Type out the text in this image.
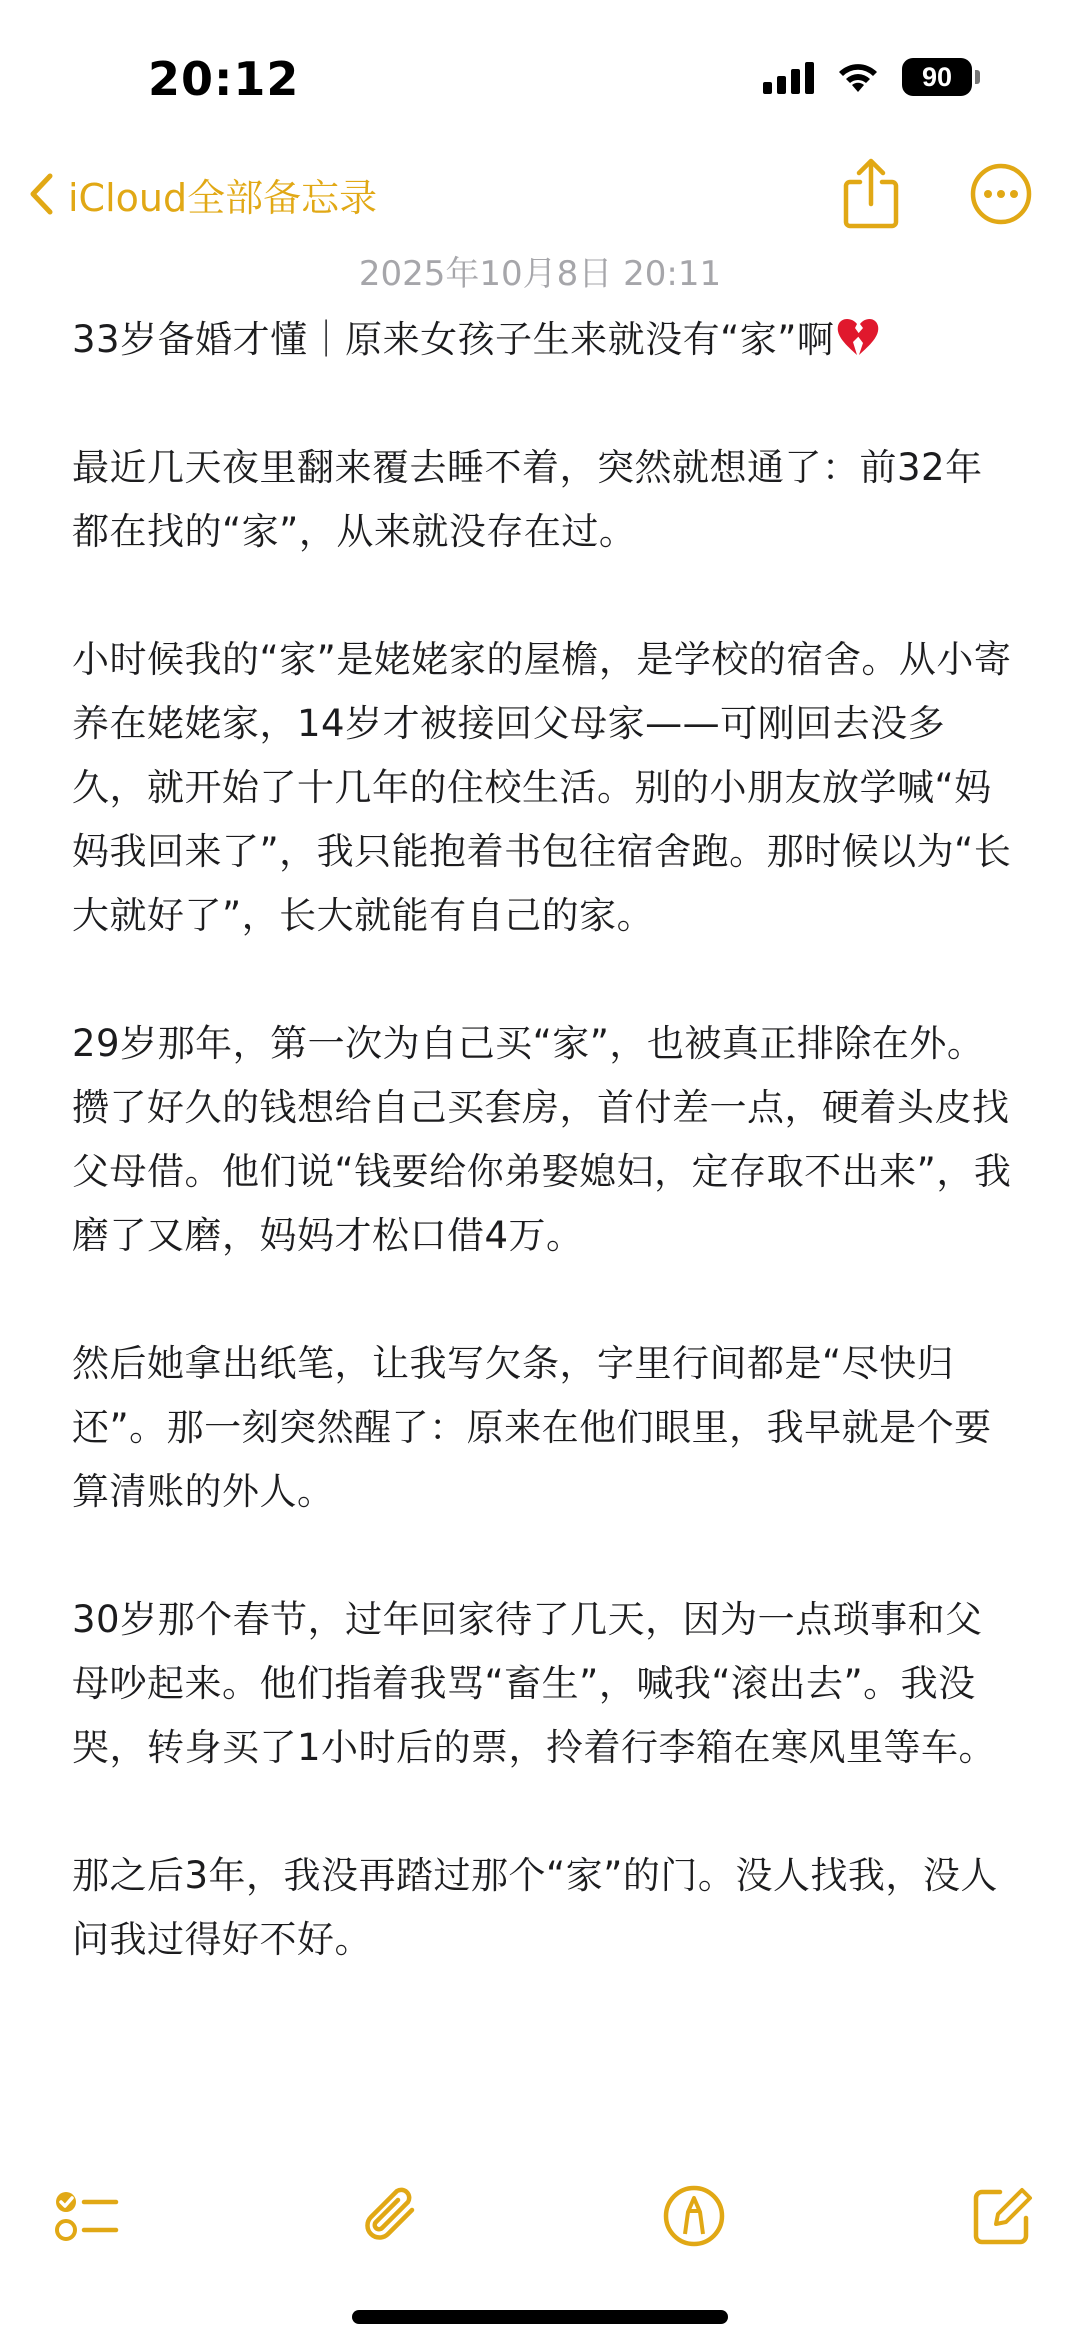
20:12	90
iCloud全部备忘录
2025年10月8日 20:11
33岁备婚才懂｜原来女孩子生来就没有“家”啊

最近几天夜里翻来覆去睡不着，突然就想通了：前32年都在找的“家”，从来就没存在过。

小时候我的“家”是姥姥家的屋檐，是学校的宿舍。从小寄养在姥姥家，14岁才被接回父母家——可刚回去没多久，就开始了十几年的住校生活。别的小朋友放学喊“妈妈我回来了”，我只能抱着书包往宿舍跑。那时候以为“长大就好了”，长大就能有自己的家。

29岁那年，第一次为自己买“家”，也被真正排除在外。攒了好久的钱想给自己买套房，首付差一点，硬着头皮找父母借。他们说“钱要给你弟娶媳妇，定存取不出来”，我磨了又磨，妈妈才松口借4万。

然后她拿出纸笔，让我写欠条，字里行间都是“尽快归还”。那一刻突然醒了：原来在他们眼里，我早就是个要算清账的外人。

30岁那个春节，过年回家待了几天，因为一点琐事和父母吵起来。他们指着我骂“畜生”，喊我“滚出去”。我没哭，转身买了1小时后的票，拎着行李箱在寒风里等车。

那之后3年，我没再踏过那个“家”的门。没人找我，没人问我过得好不好。
